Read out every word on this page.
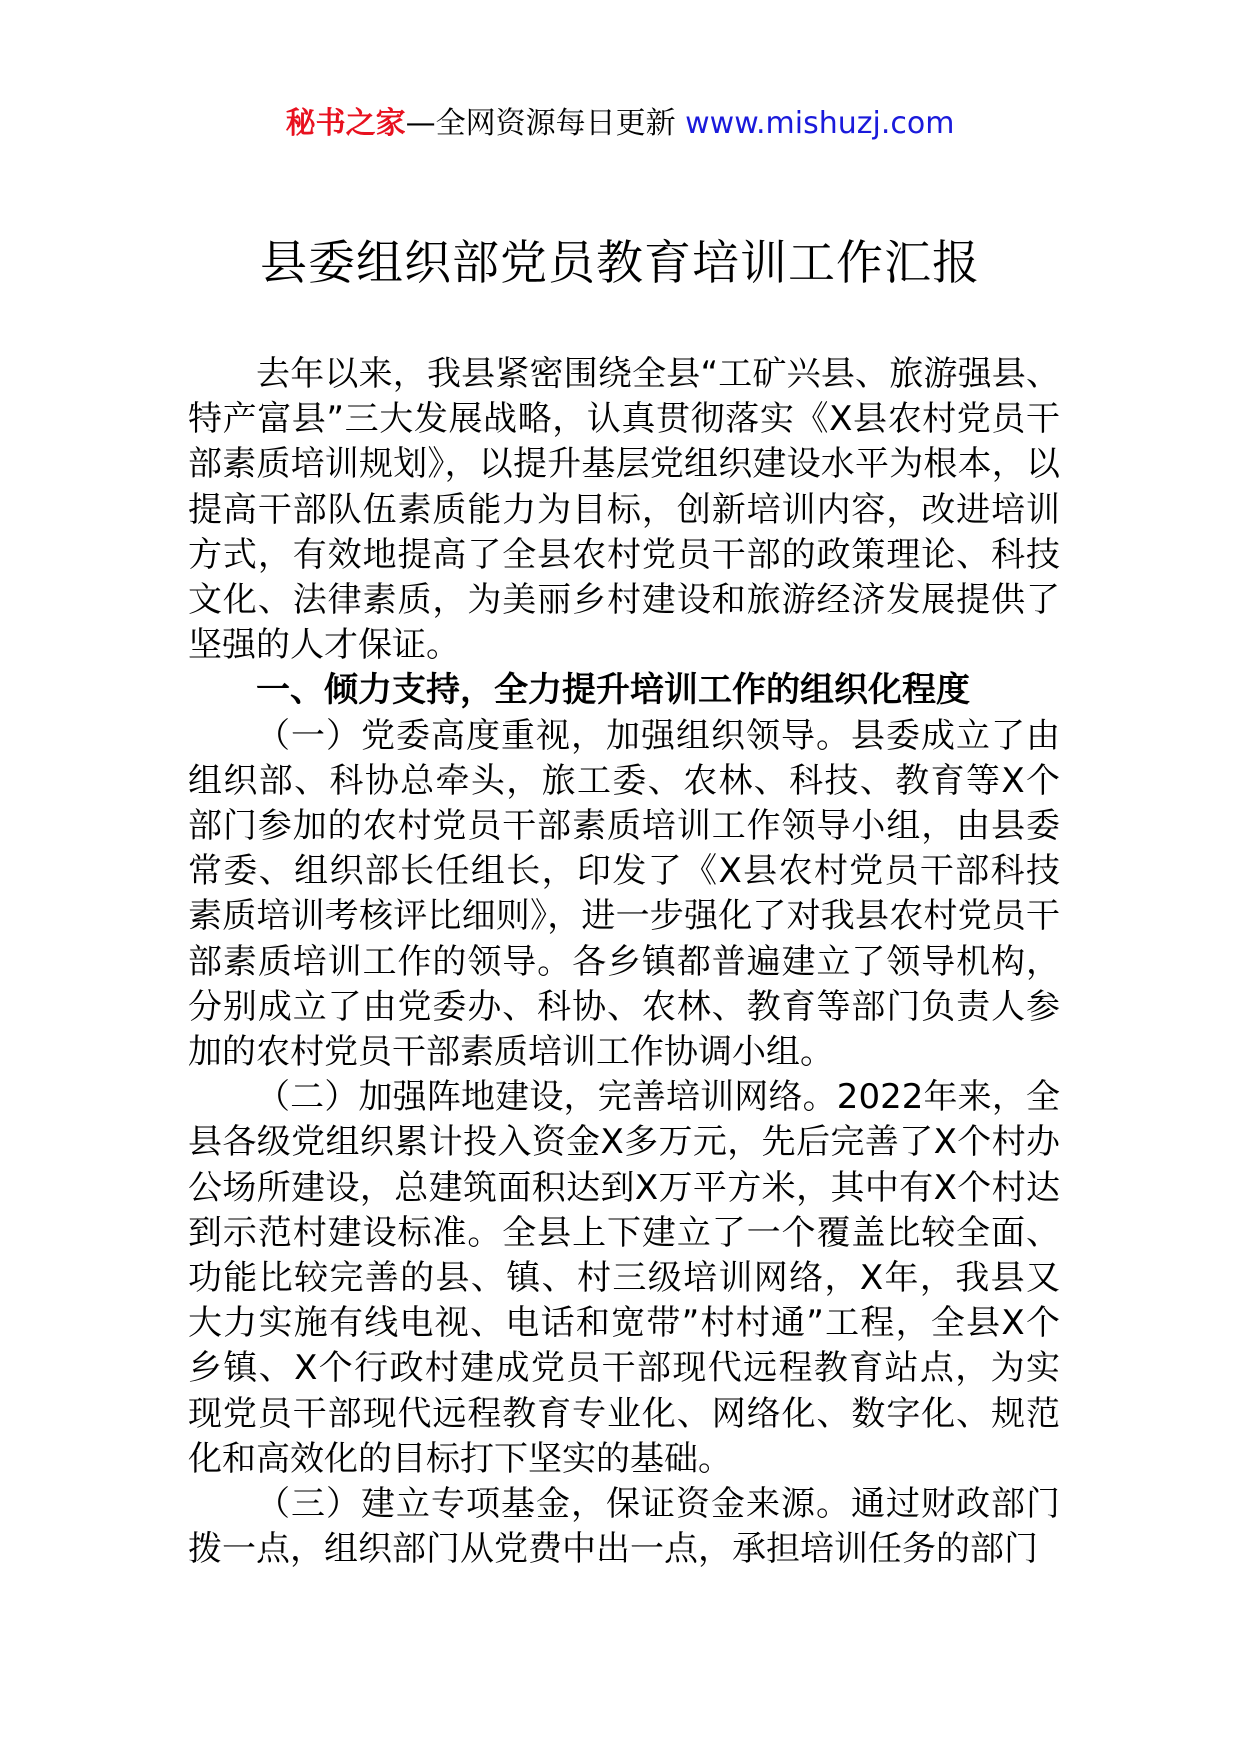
秘书之家—全网资源每日更新 www.mishuzj.com
县委组织部党员教育培训工作汇报

去年以来，我县紧密围绕全县“工矿兴县、旅游强县、特产富县”三大发展战略，认真贯彻落实《X县农村党员干部素质培训规划》，以提升基层党组织建设水平为根本，以提高干部队伍素质能力为目标，创新培训内容，改进培训方式，有效地提高了全县农村党员干部的政策理论、科技文化、法律素质，为美丽乡村建设和旅游经济发展提供了坚强的人才保证。

一、倾力支持，全力提升培训工作的组织化程度

（一）党委高度重视，加强组织领导。县委成立了由组织部、科协总牵头，旅工委、农林、科技、教育等X个部门参加的农村党员干部素质培训工作领导小组，由县委常委、组织部长任组长，印发了《X县农村党员干部科技素质培训考核评比细则》，进一步强化了对我县农村党员干部素质培训工作的领导。各乡镇都普遍建立了领导机构，分别成立了由党委办、科协、农林、教育等部门负责人参加的农村党员干部素质培训工作协调小组。

（二）加强阵地建设，完善培训网络。2022年来，全县各级党组织累计投入资金X多万元，先后完善了X个村办公场所建设，总建筑面积达到X万平方米，其中有X个村达到示范村建设标准。全县上下建立了一个覆盖比较全面、功能比较完善的县、镇、村三级培训网络，X年，我县又大力实施有线电视、电话和宽带”村村通”工程，全县X个乡镇、X个行政村建成党员干部现代远程教育站点，为实现党员干部现代远程教育专业化、网络化、数字化、规范化和高效化的目标打下坚实的基础。

（三）建立专项基金，保证资金来源。通过财政部门拨一点，组织部门从党费中出一点，承担培训任务的部门
